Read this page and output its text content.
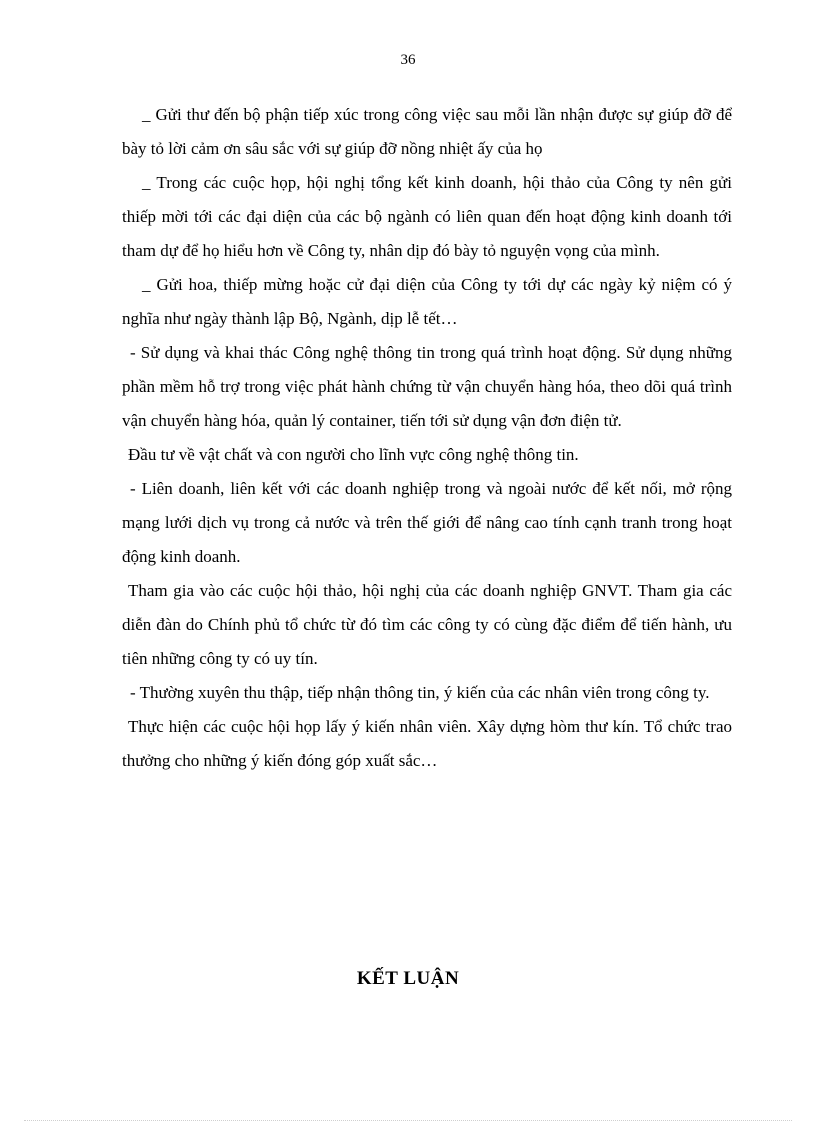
36

_ Gửi thư đến bộ phận tiếp xúc trong công việc sau mỗi lần nhận được sự giúp đỡ để bày tỏ lời cảm ơn sâu sắc với sự giúp đỡ nồng nhiệt ấy của họ

_ Trong các cuộc họp, hội nghị tổng kết kinh doanh, hội thảo của Công ty nên gửi thiếp mời tới các đại diện của các bộ ngành có liên quan đến hoạt động kinh doanh tới tham dự để họ hiểu hơn về Công ty, nhân dịp đó bày tỏ nguyện vọng của mình.

_ Gửi hoa, thiếp mừng hoặc cử đại diện của Công ty tới dự các ngày kỷ niệm có ý nghĩa như ngày thành lập Bộ, Ngành, dịp lễ tết…

- Sử dụng và khai thác Công nghệ thông tin trong quá trình hoạt động. Sử dụng những phần mềm hỗ trợ trong việc phát hành chứng từ vận chuyển hàng hóa, theo dõi quá trình vận chuyển hàng hóa, quản lý container, tiến tới sử dụng vận đơn điện tử.

Đầu tư về vật chất và con người cho lĩnh vực công nghệ thông tin.

- Liên doanh, liên kết với các doanh nghiệp trong và ngoài nước để kết nối, mở rộng mạng lưới dịch vụ trong cả nước và trên thế giới để nâng cao tính cạnh tranh trong hoạt động kinh doanh.

Tham gia vào các cuộc hội thảo, hội nghị của các doanh nghiệp GNVT. Tham gia các diễn đàn do Chính phủ tổ chức từ đó tìm các công ty có cùng đặc điểm để tiến hành, ưu tiên những công ty có uy tín.

- Thường xuyên thu thập, tiếp nhận thông tin, ý kiến của các nhân viên trong công ty.

Thực hiện các cuộc hội họp lấy ý kiến nhân viên. Xây dựng hòm thư kín. Tổ chức trao thưởng cho những ý kiến đóng góp xuất sắc…

KẾT LUẬN
